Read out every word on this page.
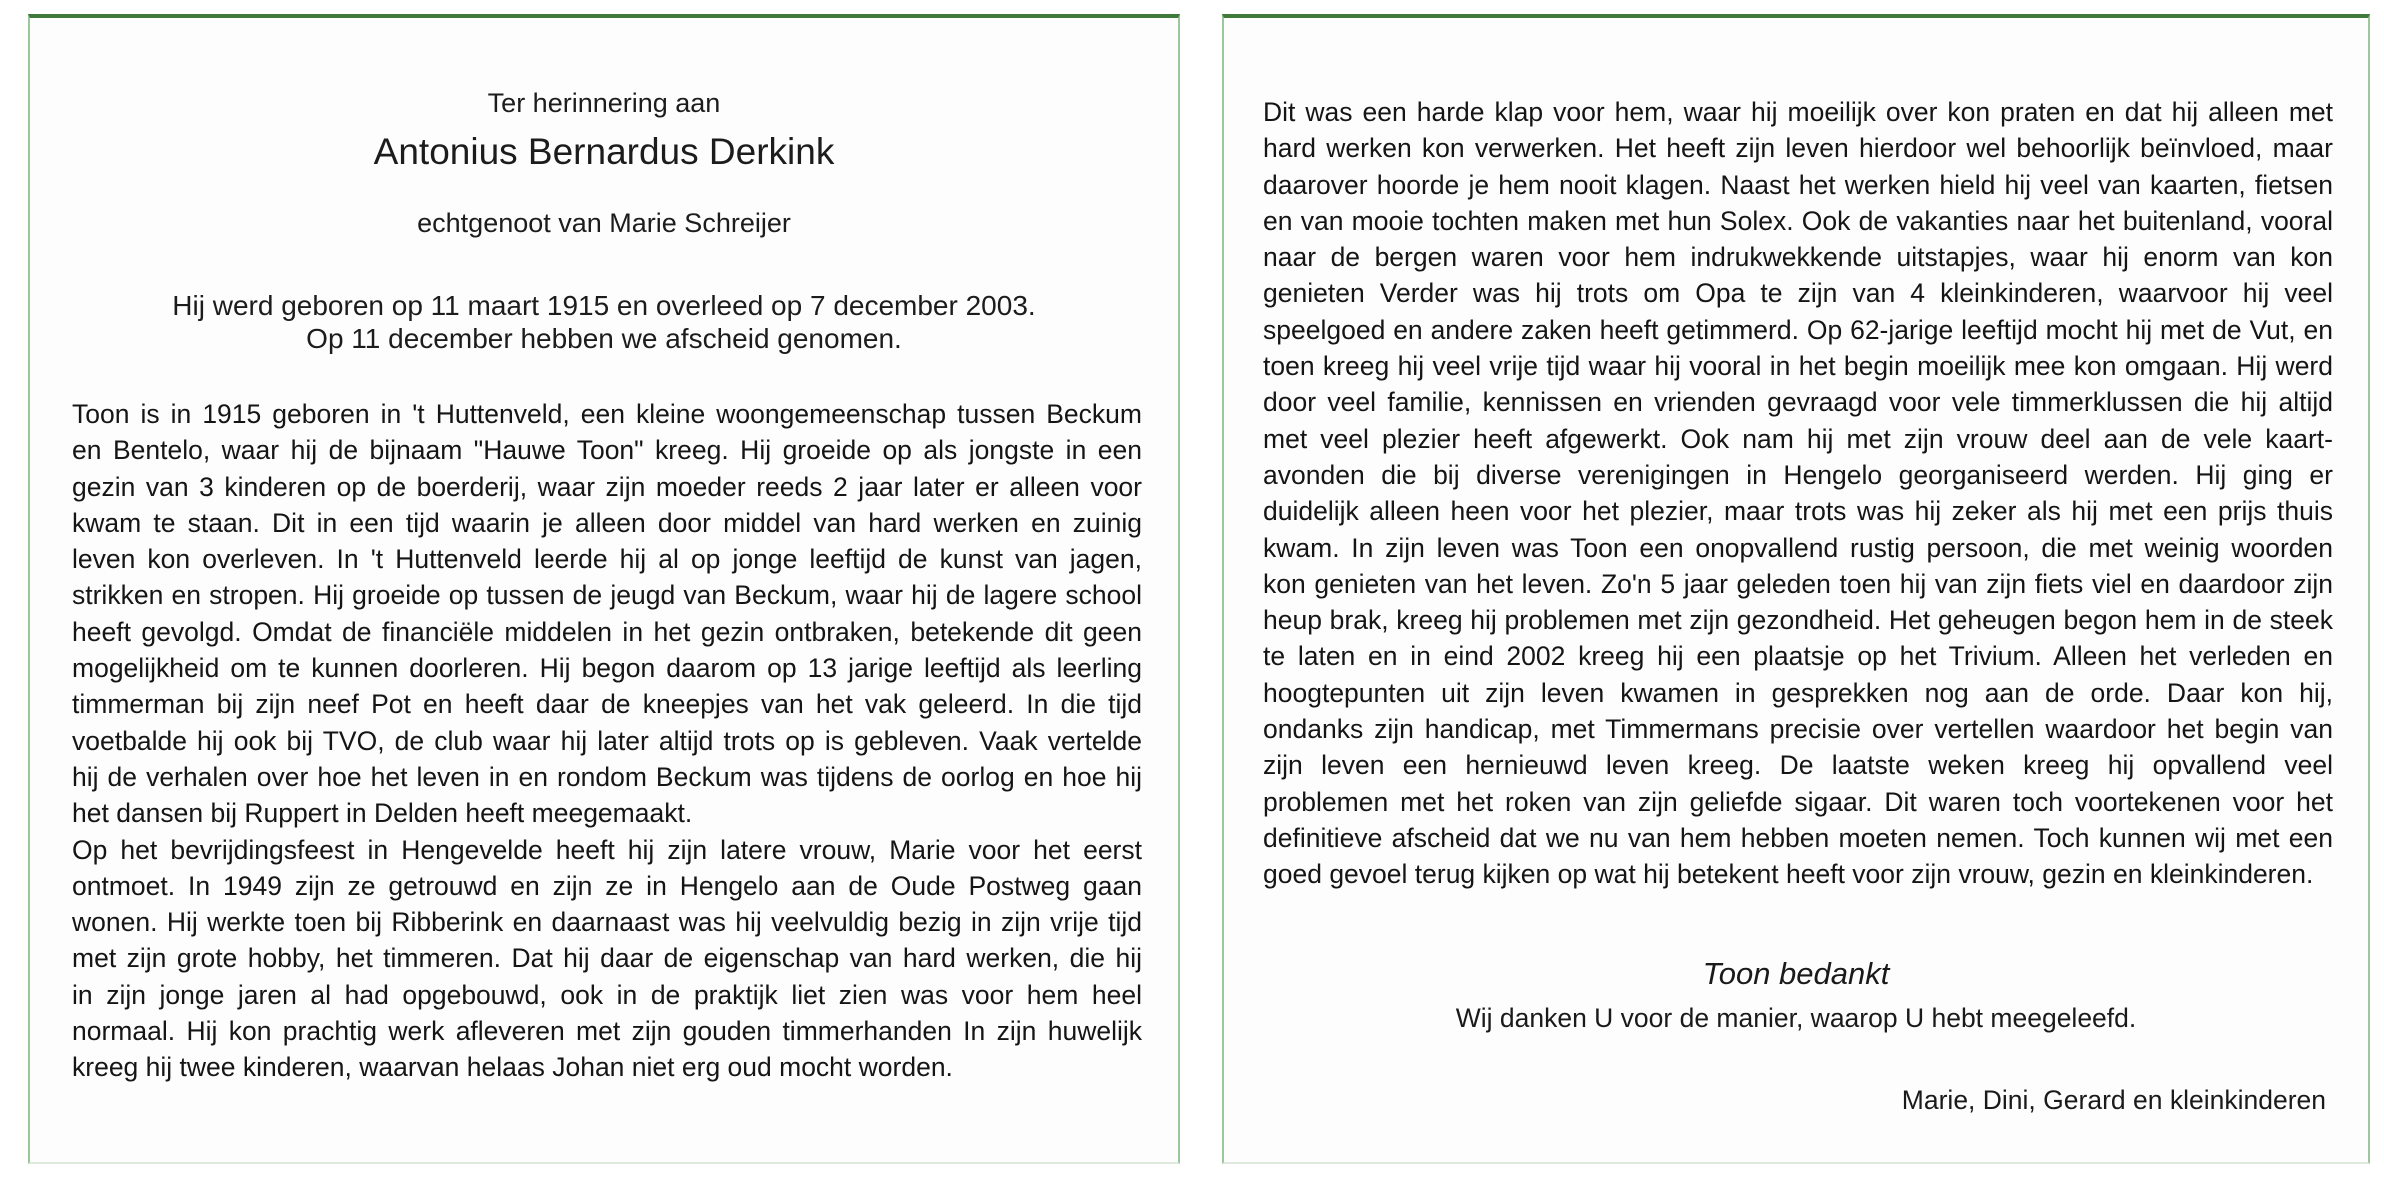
Ter herinnering aan
Antonius Bernardus Derkink
echtgenoot van Marie Schreijer
Hij werd geboren op 11 maart 1915 en overleed op 7 december 2003.
Op 11 december hebben we afscheid genomen.
Toon is in 1915 geboren in 't Huttenveld, een kleine woongemeenschap tussen Beckum
en Bentelo, waar hij de bijnaam "Hauwe Toon" kreeg. Hij groeide op als jongste in een
gezin van 3 kinderen op de boerderij, waar zijn moeder reeds 2 jaar later er alleen voor
kwam te staan. Dit in een tijd waarin je alleen door middel van hard werken en zuinig
leven kon overleven. In 't Huttenveld leerde hij al op jonge leeftijd de kunst van jagen,
strikken en stropen. Hij groeide op tussen de jeugd van Beckum, waar hij de lagere school
heeft gevolgd. Omdat de financiële middelen in het gezin ontbraken, betekende dit geen
mogelijkheid om te kunnen doorleren. Hij begon daarom op 13 jarige leeftijd als leerling
timmerman bij zijn neef Pot en heeft daar de kneepjes van het vak geleerd. In die tijd
voetbalde hij ook bij TVO, de club waar hij later altijd trots op is gebleven. Vaak vertelde
hij de verhalen over hoe het leven in en rondom Beckum was tijdens de oorlog en hoe hij
het dansen bij Ruppert in Delden heeft meegemaakt.
Op het bevrijdingsfeest in Hengevelde heeft hij zijn latere vrouw, Marie voor het eerst
ontmoet. In 1949 zijn ze getrouwd en zijn ze in Hengelo aan de Oude Postweg gaan
wonen. Hij werkte toen bij Ribberink en daarnaast was hij veelvuldig bezig in zijn vrije tijd
met zijn grote hobby, het timmeren. Dat hij daar de eigenschap van hard werken, die hij
in zijn jonge jaren al had opgebouwd, ook in de praktijk liet zien was voor hem heel
normaal. Hij kon prachtig werk afleveren met zijn gouden timmerhanden In zijn huwelijk
kreeg hij twee kinderen, waarvan helaas Johan niet erg oud mocht worden.
Dit was een harde klap voor hem, waar hij moeilijk over kon praten en dat hij alleen met
hard werken kon verwerken. Het heeft zijn leven hierdoor wel behoorlijk beïnvloed, maar
daarover hoorde je hem nooit klagen. Naast het werken hield hij veel van kaarten, fietsen
en van mooie tochten maken met hun Solex. Ook de vakanties naar het buitenland, vooral
naar de bergen waren voor hem indrukwekkende uitstapjes, waar hij enorm van kon
genieten Verder was hij trots om Opa te zijn van 4 kleinkinderen, waarvoor hij veel
speelgoed en andere zaken heeft getimmerd. Op 62-jarige leeftijd mocht hij met de Vut, en
toen kreeg hij veel vrije tijd waar hij vooral in het begin moeilijk mee kon omgaan. Hij werd
door veel familie, kennissen en vrienden gevraagd voor vele timmerklussen die hij altijd
met veel plezier heeft afgewerkt. Ook nam hij met zijn vrouw deel aan de vele kaart-
avonden die bij diverse verenigingen in Hengelo georganiseerd werden. Hij ging er
duidelijk alleen heen voor het plezier, maar trots was hij zeker als hij met een prijs thuis
kwam. In zijn leven was Toon een onopvallend rustig persoon, die met weinig woorden
kon genieten van het leven. Zo'n 5 jaar geleden toen hij van zijn fiets viel en daardoor zijn
heup brak, kreeg hij problemen met zijn gezondheid. Het geheugen begon hem in de steek
te laten en in eind 2002 kreeg hij een plaatsje op het Trivium. Alleen het verleden en
hoogtepunten uit zijn leven kwamen in gesprekken nog aan de orde. Daar kon hij,
ondanks zijn handicap, met Timmermans precisie over vertellen waardoor het begin van
zijn leven een hernieuwd leven kreeg. De laatste weken kreeg hij opvallend veel
problemen met het roken van zijn geliefde sigaar. Dit waren toch voortekenen voor het
definitieve afscheid dat we nu van hem hebben moeten nemen. Toch kunnen wij met een
goed gevoel terug kijken op wat hij betekent heeft voor zijn vrouw, gezin en kleinkinderen.
Toon bedankt
Wij danken U voor de manier, waarop U hebt meegeleefd.
Marie, Dini, Gerard en kleinkinderen
